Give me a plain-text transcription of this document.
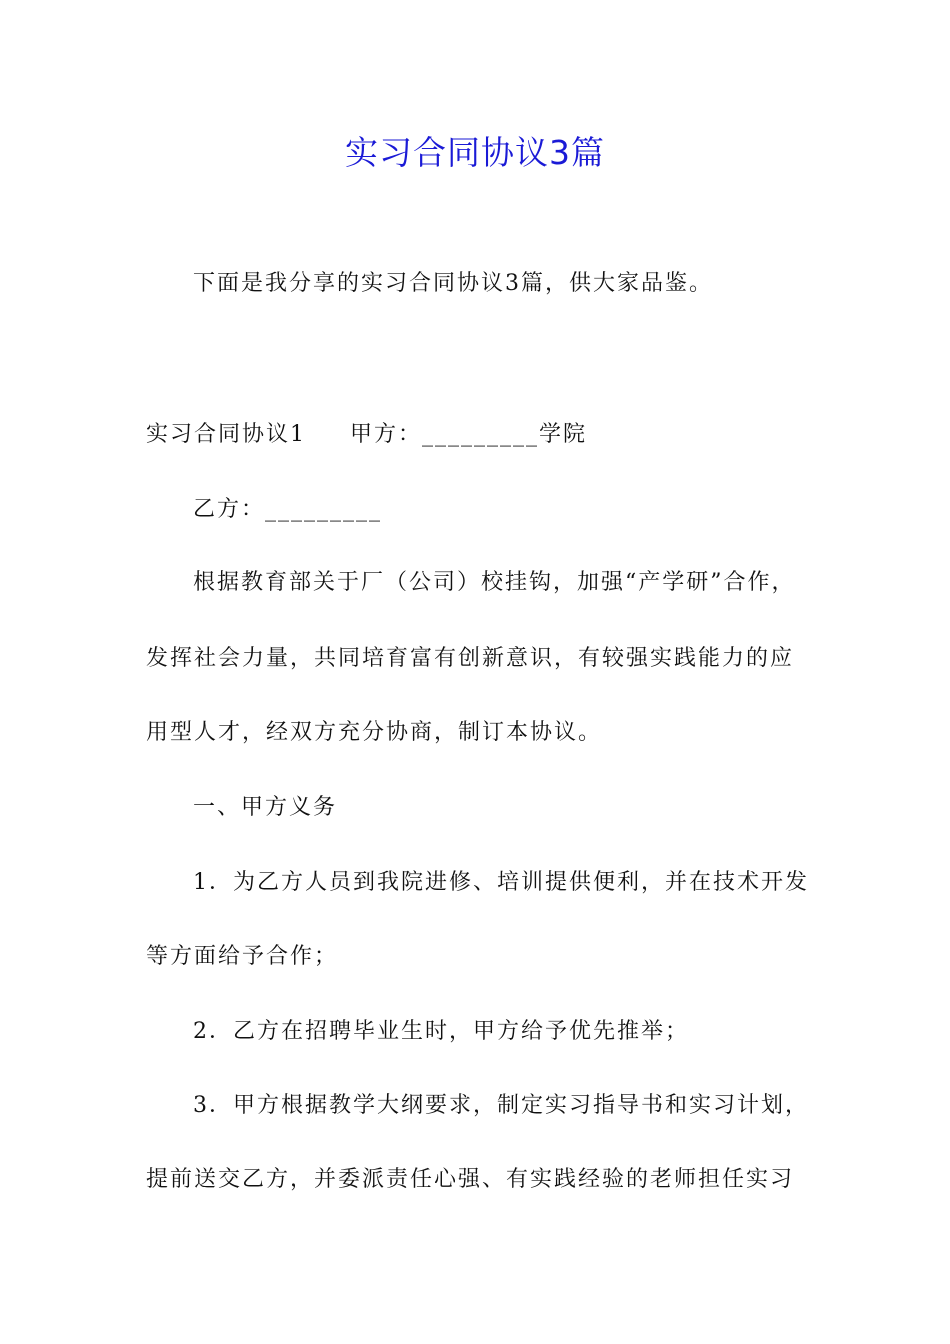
实习合同协议3篇

下面是我分享的实习合同协议3篇，供大家品鉴。

实习合同协议1 甲方：_________学院

乙方：_________

根据教育部关于厂（公司）校挂钩，加强“产学研”合作，

发挥社会力量，共同培育富有创新意识，有较强实践能力的应

用型人才，经双方充分协商，制订本协议。

一、甲方义务

1．为乙方人员到我院进修、培训提供便利，并在技术开发

等方面给予合作；

2．乙方在招聘毕业生时，甲方给予优先推举；

3．甲方根据教学大纲要求，制定实习指导书和实习计划，

提前送交乙方，并委派责任心强、有实践经验的老师担任实习
